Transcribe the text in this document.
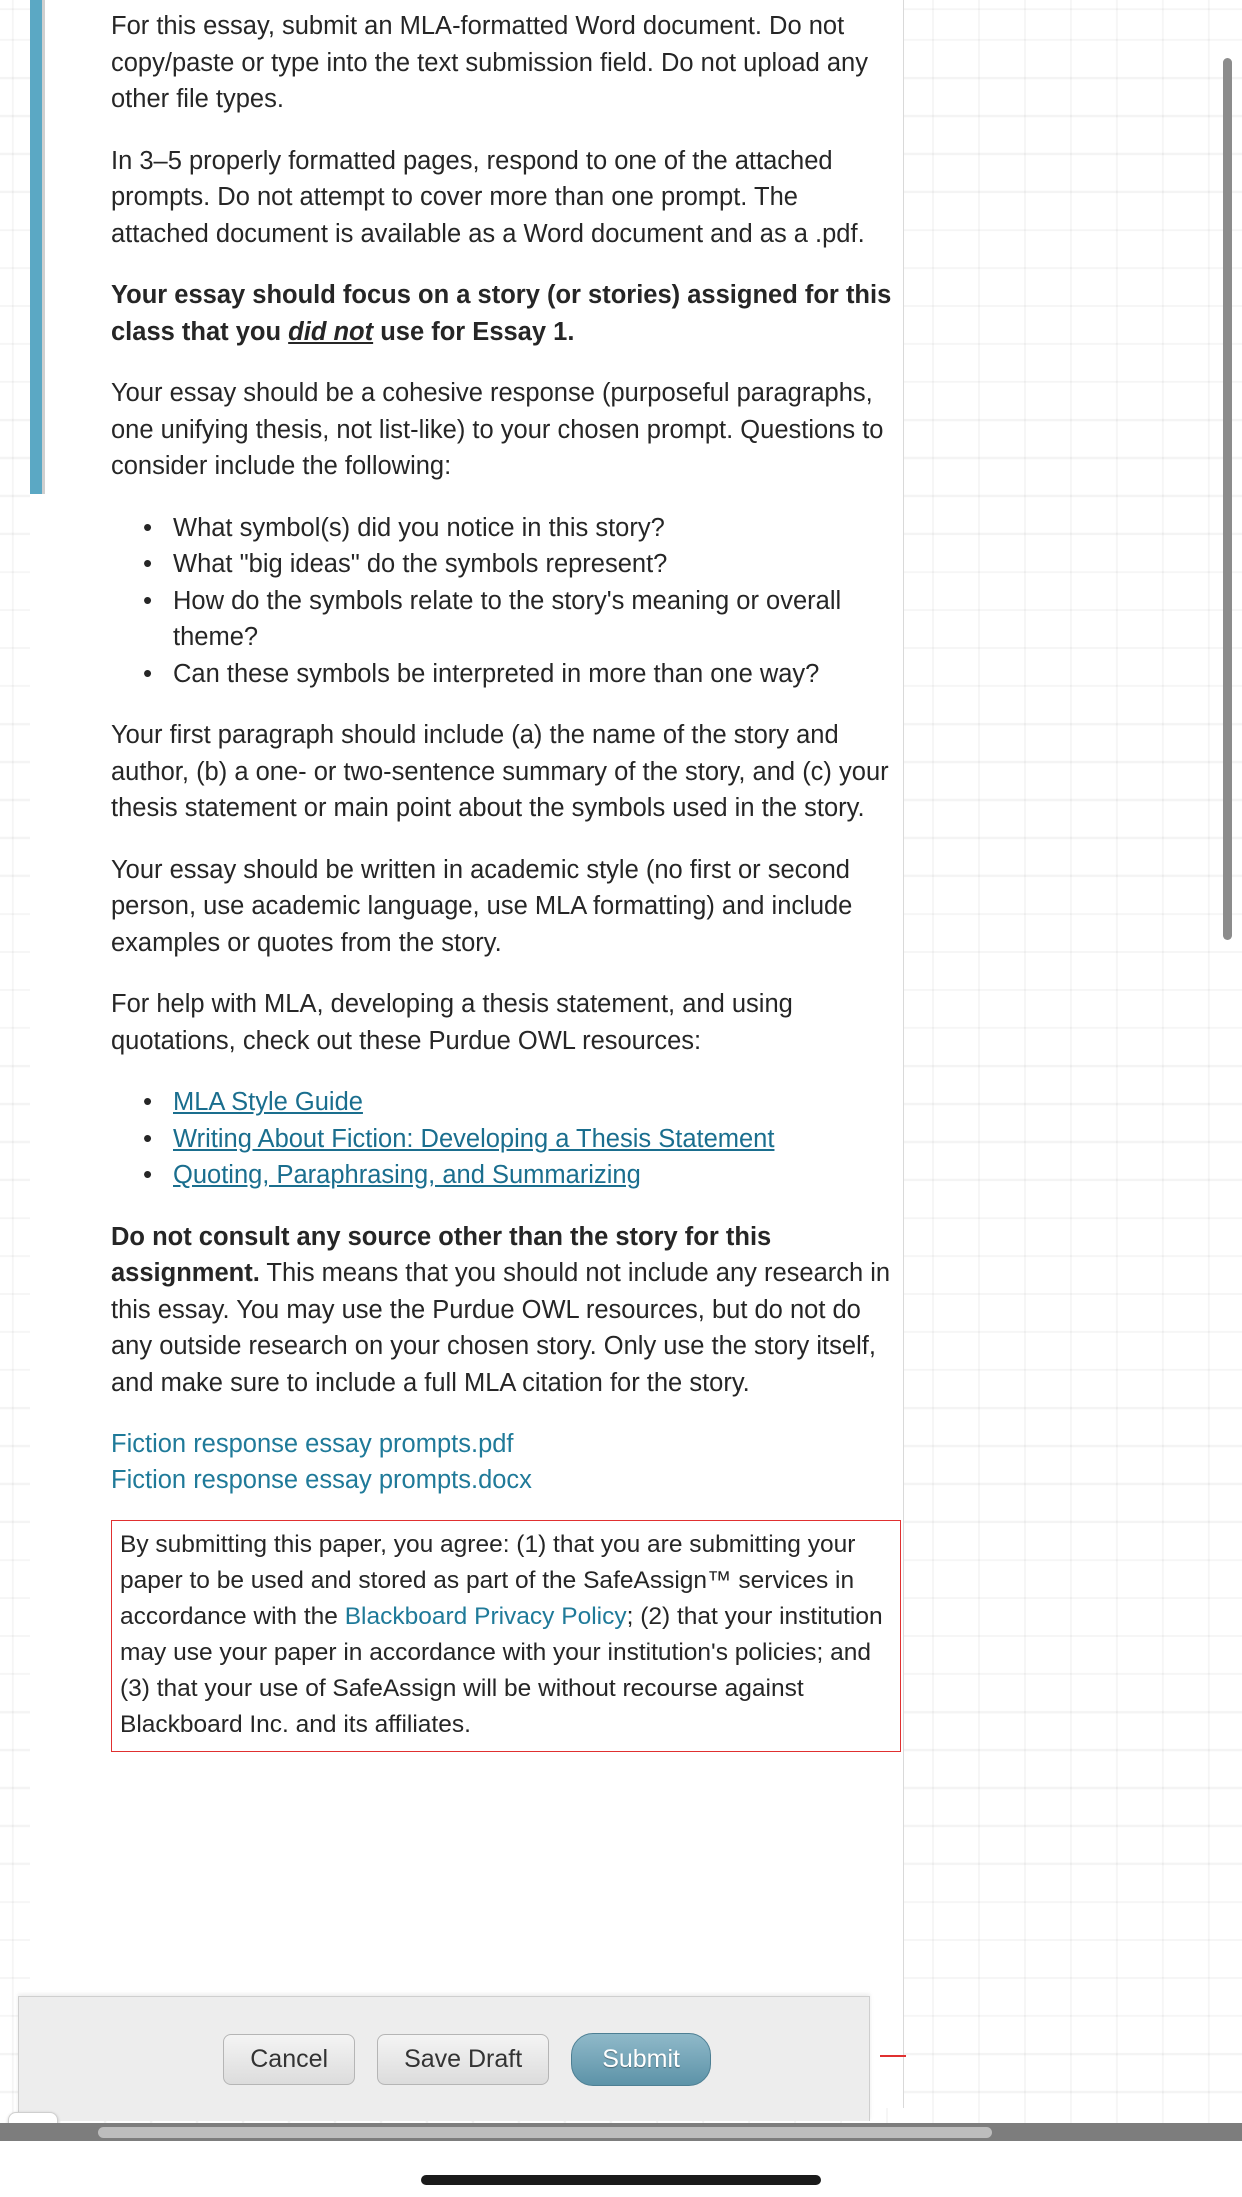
For this essay, submit an MLA-formatted Word document. Do not copy/paste or type into the text submission field. Do not upload any other file types.

In 3–5 properly formatted pages, respond to one of the attached prompts. Do not attempt to cover more than one prompt. The attached document is available as a Word document and as a .pdf.

Your essay should focus on a story (or stories) assigned for this class that you did not use for Essay 1.

Your essay should be a cohesive response (purposeful paragraphs, one unifying thesis, not list-like) to your chosen prompt. Questions to consider include the following:

• What symbol(s) did you notice in this story?
• What "big ideas" do the symbols represent?
• How do the symbols relate to the story's meaning or overall theme?
• Can these symbols be interpreted in more than one way?

Your first paragraph should include (a) the name of the story and author, (b) a one- or two-sentence summary of the story, and (c) your thesis statement or main point about the symbols used in the story.

Your essay should be written in academic style (no first or second person, use academic language, use MLA formatting) and include examples or quotes from the story.

For help with MLA, developing a thesis statement, and using quotations, check out these Purdue OWL resources:

• MLA Style Guide
• Writing About Fiction: Developing a Thesis Statement
• Quoting, Paraphrasing, and Summarizing

Do not consult any source other than the story for this assignment. This means that you should not include any research in this essay. You may use the Purdue OWL resources, but do not do any outside research on your chosen story. Only use the story itself, and make sure to include a full MLA citation for the story.

Fiction response essay prompts.pdf
Fiction response essay prompts.docx
By submitting this paper, you agree: (1) that you are submitting your paper to be used and stored as part of the SafeAssign™ services in accordance with the Blackboard Privacy Policy; (2) that your institution may use your paper in accordance with your institution's policies; and (3) that your use of SafeAssign will be without recourse against Blackboard Inc. and its affiliates.
Cancel	Save Draft	Submit
